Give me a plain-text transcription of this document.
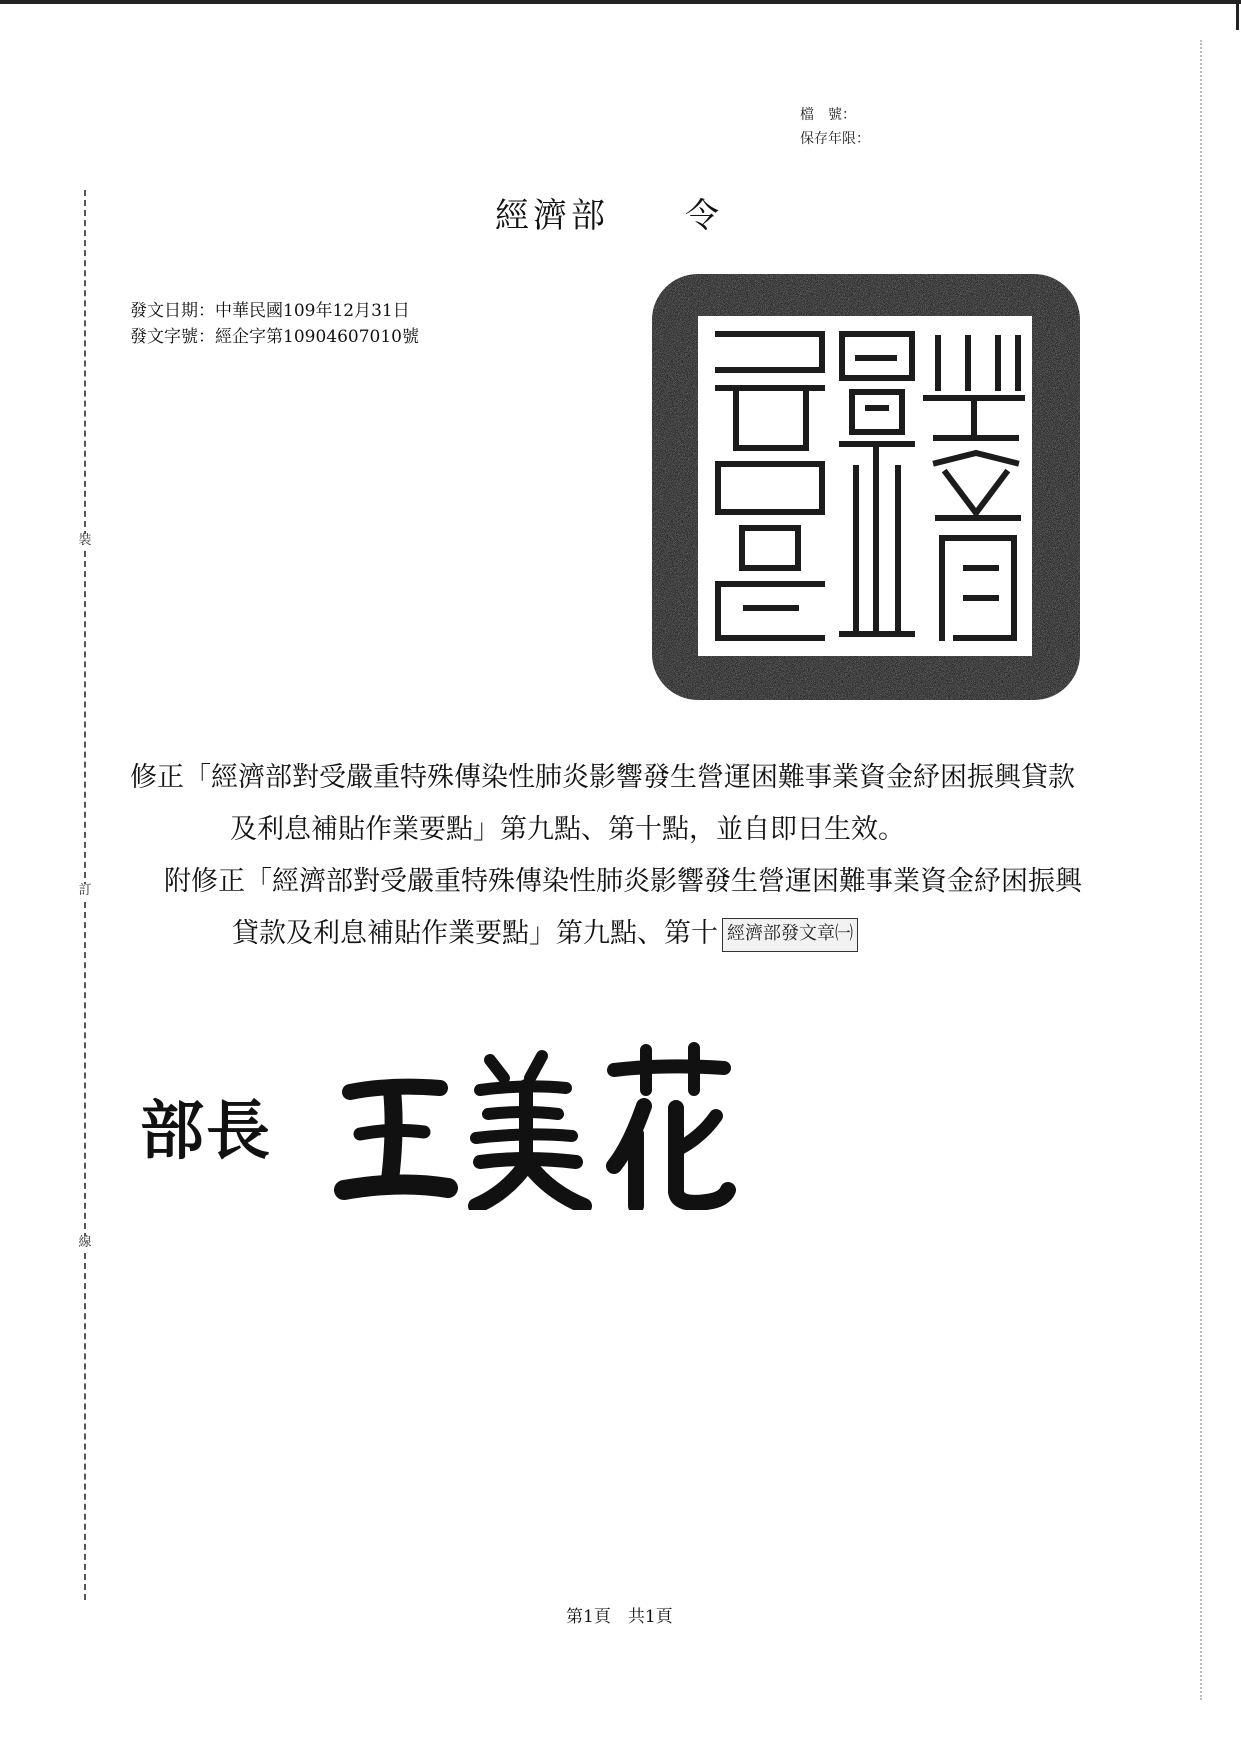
裝
訂
線
檔　號：
保存年限：
經濟部　　令
發文日期：中華民國109年12月31日
發文字號：經企字第10904607010號
修正「經濟部對受嚴重特殊傳染性肺炎影響發生營運困難事業資金紓困振興貸款及利息補貼作業要點」第九點、第十點，並自即日生效。
附修正「經濟部對受嚴重特殊傳染性肺炎影響發生營運困難事業資金紓困振興貸款及利息補貼作業要點」第九點、第十 經濟部發文章㈠
部長
第1頁　共1頁
